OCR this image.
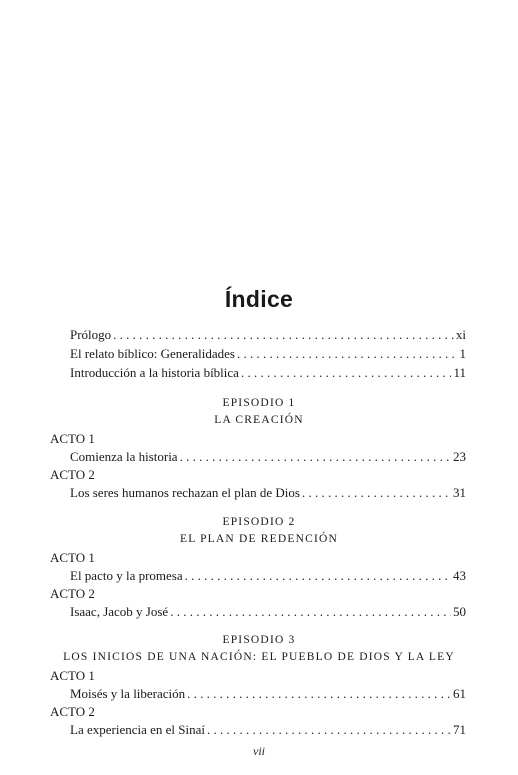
Índice
Prólogo . . .	xi
El relato bíblico: Generalidades . . .	1
Introducción a la historia bíblica . . .	11
EPISODIO 1
LA CREACIÓN
ACTO 1
Comienza la historia . . .	23
ACTO 2
Los seres humanos rechazan el plan de Dios . . .	31
EPISODIO 2
EL PLAN DE REDENCIÓN
ACTO 1
El pacto y la promesa . . .	43
ACTO 2
Isaac, Jacob y José . . .	50
EPISODIO 3
LOS INICIOS DE UNA NACIÓN: EL PUEBLO DE DIOS Y LA LEY
ACTO 1
Moisés y la liberación . . .	61
ACTO 2
La experiencia en el Sinaí . . .	71
vii
